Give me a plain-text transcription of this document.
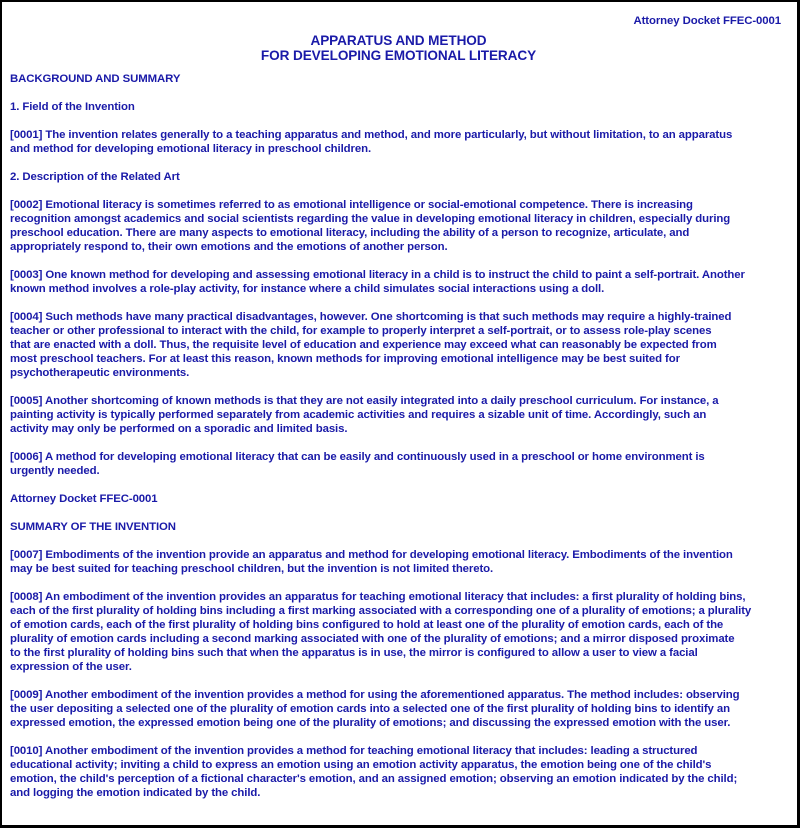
Attorney Docket FFEC-0001
APPARATUS AND METHOD
FOR DEVELOPING EMOTIONAL LITERACY
BACKGROUND AND SUMMARY
1. Field of the Invention

[0001] The invention relates generally to a teaching apparatus and method, and more particularly, but without limitation, to an apparatus
and method for developing emotional literacy in preschool children.

2. Description of the Related Art

[0002] Emotional literacy is sometimes referred to as emotional intelligence or social-emotional competence. There is increasing
recognition amongst academics and social scientists regarding the value in developing emotional literacy in children, especially during
preschool education. There are many aspects to emotional literacy, including the ability of a person to recognize, articulate, and
appropriately respond to, their own emotions and the emotions of another person.

[0003] One known method for developing and assessing emotional literacy in a child is to instruct the child to paint a self-portrait. Another
known method involves a role-play activity, for instance where a child simulates social interactions using a doll.

[0004] Such methods have many practical disadvantages, however. One shortcoming is that such methods may require a highly-trained
teacher or other professional to interact with the child, for example to properly interpret a self-portrait, or to assess role-play scenes
that are enacted with a doll. Thus, the requisite level of education and experience may exceed what can reasonably be expected from
most preschool teachers. For at least this reason, known methods for improving emotional intelligence may be best suited for
psychotherapeutic environments.

[0005] Another shortcoming of known methods is that they are not easily integrated into a daily preschool curriculum. For instance, a
painting activity is typically performed separately from academic activities and requires a sizable unit of time. Accordingly, such an
activity may only be performed on a sporadic and limited basis.

[0006] A method for developing emotional literacy that can be easily and continuously used in a preschool or home environment is
urgently needed.

Attorney Docket FFEC-0001
SUMMARY OF THE INVENTION

[0007] Embodiments of the invention provide an apparatus and method for developing emotional literacy. Embodiments of the invention
may be best suited for teaching preschool children, but the invention is not limited thereto.

[0008] An embodiment of the invention provides an apparatus for teaching emotional literacy that includes: a first plurality of holding bins,
each of the first plurality of holding bins including a first marking associated with a corresponding one of a plurality of emotions; a plurality
of emotion cards, each of the first plurality of holding bins configured to hold at least one of the plurality of emotion cards, each of the
plurality of emotion cards including a second marking associated with one of the plurality of emotions; and a mirror disposed proximate
to the first plurality of holding bins such that when the apparatus is in use, the mirror is configured to allow a user to view a facial
expression of the user.

[0009] Another embodiment of the invention provides a method for using the aforementioned apparatus. The method includes: observing
the user depositing a selected one of the plurality of emotion cards into a selected one of the first plurality of holding bins to identify an
expressed emotion, the expressed emotion being one of the plurality of emotions; and discussing the expressed emotion with the user.

[0010] Another embodiment of the invention provides a method for teaching emotional literacy that includes: leading a structured
educational activity; inviting a child to express an emotion using an emotion activity apparatus, the emotion being one of the child's
emotion, the child's perception of a fictional character's emotion, and an assigned emotion; observing an emotion indicated by the child;
and logging the emotion indicated by the child.
